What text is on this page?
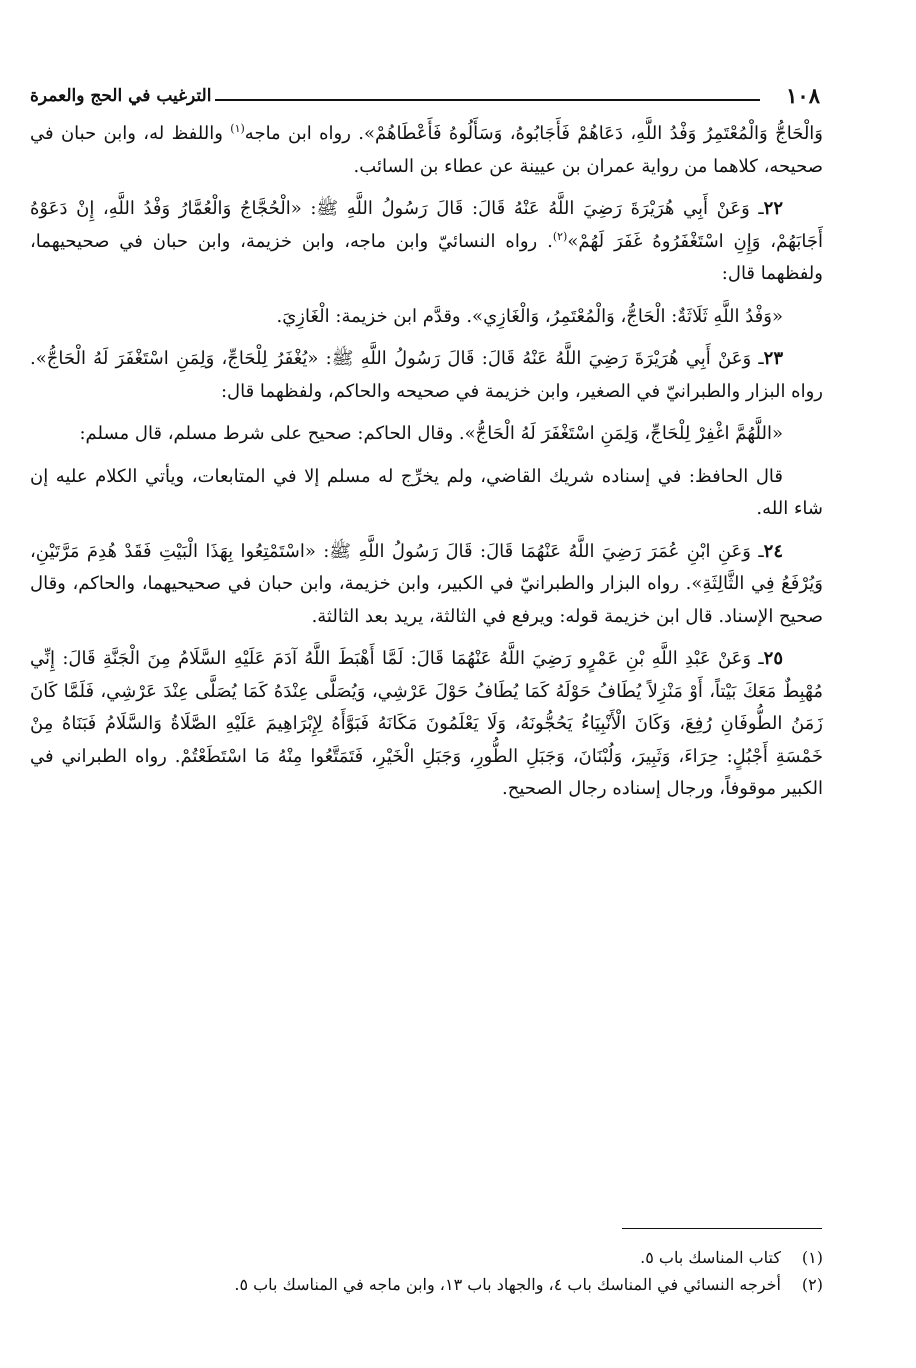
١٠٨
الترغيب في الحج والعمرة

وَالْحَاجُّ وَالْمُعْتَمِرُ وَفْدُ اللَّهِ، دَعَاهُمْ فَأَجَابُوهُ، وَسَأَلُوهُ فَأَعْطَاهُمْ». رواه ابن ماجه$^{(١)}$ واللفظ له، وابن حبان في صحيحه، كلاهما من رواية عمران بن عيينة عن عطاء بن السائب.

٢٢ـ وَعَنْ أَبِي هُرَيْرَةَ رَضِيَ اللَّهُ عَنْهُ قَالَ: قَالَ رَسُولُ اللَّهِ ﷺ: «الْحُجَّاجُ وَالْعُمَّارُ وَفْدُ اللَّهِ، إِنْ دَعَوْهُ أَجَابَهُمْ، وَإِنِ اسْتَغْفَرُوهُ غَفَرَ لَهُمْ»$^{(٢)}$. رواه النسائيّ وابن ماجه، وابن خزيمة، وابن حبان في صحيحيهما، ولفظهما قال:

«وَفْدُ اللَّهِ ثَلَاثَةٌ: الْحَاجُّ، وَالْمُعْتَمِرُ، وَالْغَازِي». وقدَّم ابن خزيمة: الْغَازِيَ.

٢٣ـ وَعَنْ أَبِي هُرَيْرَةَ رَضِيَ اللَّهُ عَنْهُ قَالَ: قَالَ رَسُولُ اللَّهِ ﷺ: «يُغْفَرُ لِلْحَاجِّ، وَلِمَنِ اسْتَغْفَرَ لَهُ الْحَاجُّ». رواه البزار والطبرانيّ في الصغير، وابن خزيمة في صحيحه والحاكم، ولفظهما قال:

«اللَّهُمَّ اغْفِرْ لِلْحَاجِّ، وَلِمَنِ اسْتَغْفَرَ لَهُ الْحَاجُّ». وقال الحاكم: صحيح على شرط مسلم، قال مسلم:

قال الحافظ: في إسناده شريك القاضي، ولم يخرِّج له مسلم إلا في المتابعات، ويأتي الكلام عليه إن شاء الله.

٢٤ـ وَعَنِ ابْنِ عُمَرَ رَضِيَ اللَّهُ عَنْهُمَا قَالَ: قَالَ رَسُولُ اللَّهِ ﷺ: «اسْتَمْتِعُوا بِهَذَا الْبَيْتِ فَقَدْ هُدِمَ مَرَّتَيْنِ، وَيُرْفَعُ فِي الثَّالِثَةِ». رواه البزار والطبرانيّ في الكبير، وابن خزيمة، وابن حبان في صحيحيهما، والحاكم، وقال صحيح الإسناد. قال ابن خزيمة قوله: ويرفع في الثالثة، يريد بعد الثالثة.

٢٥ـ وَعَنْ عَبْدِ اللَّهِ بْنِ عَمْرٍو رَضِيَ اللَّهُ عَنْهُمَا قَالَ: لَمَّا أَهْبَطَ اللَّهُ آدَمَ عَلَيْهِ السَّلَامُ مِنَ الْجَنَّةِ قَالَ: إِنِّي مُهْبِطٌ مَعَكَ بَيْتاً، أَوْ مَنْزِلاً يُطَافُ حَوْلَهُ كَمَا يُطَافُ حَوْلَ عَرْشِي، وَيُصَلَّى عِنْدَهُ كَمَا يُصَلَّى عِنْدَ عَرْشِي، فَلَمَّا كَانَ زَمَنُ الطُّوفَانِ رُفِعَ، وَكَانَ الْأَنْبِيَاءُ يَحُجُّونَهُ، وَلَا يَعْلَمُونَ مَكَانَهُ فَبَوَّأَهُ لِإِبْرَاهِيمَ عَلَيْهِ الصَّلَاةُ وَالسَّلَامُ فَبَنَاهُ مِنْ خَمْسَةِ أَجْبُلٍ: حِرَاءَ، وَثَبِيرَ، وَلُبْنَانَ، وَجَبَلِ الطُّورِ، وَجَبَلِ الْخَيْرِ، فَتَمَتَّعُوا مِنْهُ مَا اسْتَطَعْتُمْ. رواه الطبراني في الكبير موقوفاً، ورجال إسناده رجال الصحيح.

(١)كتاب المناسك باب ٥.

(٢)أخرجه النسائي في المناسك باب ٤، والجهاد باب ١٣، وابن ماجه في المناسك باب ٥.
